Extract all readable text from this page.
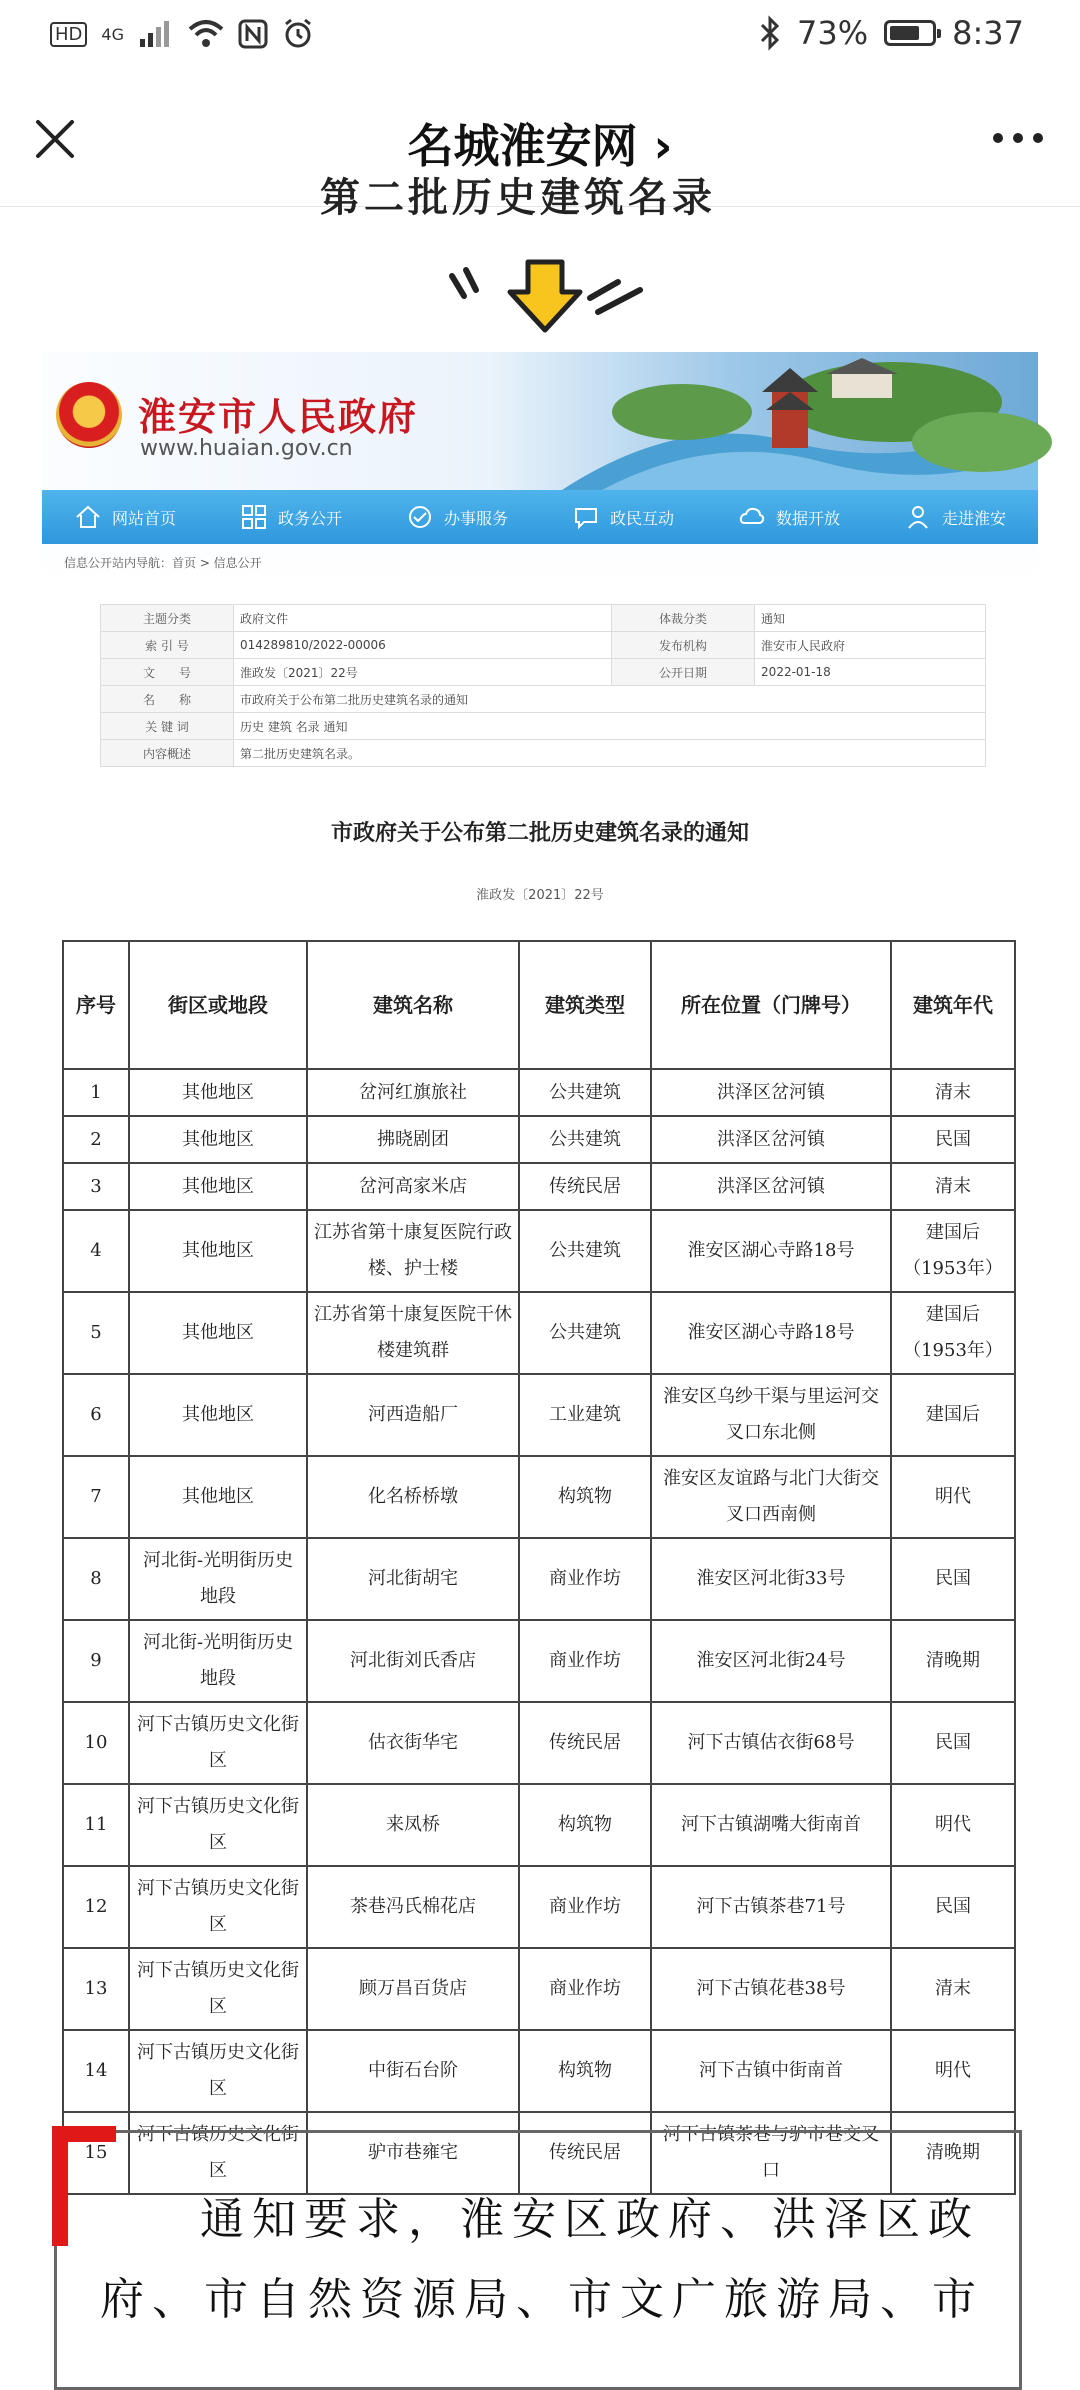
HD	4G	73%	8:37
名城淮安网 ›
第二批历史建筑名录
淮安市人民政府
www.huaian.gov.cn
网站首页	政务公开	办事服务	政民互动	数据开放	走进淮安
信息公开站内导航：首页 > 信息公开
主题分类	政府文件	体裁分类	通知
索 引 号	014289810/2022-00006	发布机构	淮安市人民政府
文　　号	淮政发〔2021〕22号	公开日期	2022-01-18
名　　称	市政府关于公布第二批历史建筑名录的通知		
关 键 词	历史 建筑 名录 通知		
内容概述	第二批历史建筑名录。		
市政府关于公布第二批历史建筑名录的通知
淮政发〔2021〕22号
序号	街区或地段	建筑名称	建筑类型	所在位置（门牌号）	建筑年代
1	其他地区	岔河红旗旅社	公共建筑	洪泽区岔河镇	清末
2	其他地区	拂晓剧团	公共建筑	洪泽区岔河镇	民国
3	其他地区	岔河高家米店	传统民居	洪泽区岔河镇	清末
4	其他地区	江苏省第十康复医院行政楼、护士楼	公共建筑	淮安区湖心寺路18号	建国后（1953年）
5	其他地区	江苏省第十康复医院干休楼建筑群	公共建筑	淮安区湖心寺路18号	建国后（1953年）
6	其他地区	河西造船厂	工业建筑	淮安区乌纱干渠与里运河交叉口东北侧	建国后
7	其他地区	化名桥桥墩	构筑物	淮安区友谊路与北门大街交叉口西南侧	明代
8	河北街-光明街历史地段	河北街胡宅	商业作坊	淮安区河北街33号	民国
9	河北街-光明街历史地段	河北街刘氏香店	商业作坊	淮安区河北街24号	清晚期
10	河下古镇历史文化街区	估衣街华宅	传统民居	河下古镇估衣街68号	民国
11	河下古镇历史文化街区	来凤桥	构筑物	河下古镇湖嘴大街南首	明代
12	河下古镇历史文化街区	茶巷冯氏棉花店	商业作坊	河下古镇茶巷71号	民国
13	河下古镇历史文化街区	顾万昌百货店	商业作坊	河下古镇花巷38号	清末
14	河下古镇历史文化街区	中街石台阶	构筑物	河下古镇中街南首	明代
15	河下古镇历史文化街区	驴市巷雍宅	传统民居	河下古镇茶巷与驴市巷交叉口	清晚期
通知要求，淮安区政府、洪泽区政府、市自然资源局、市文广旅游局、市
